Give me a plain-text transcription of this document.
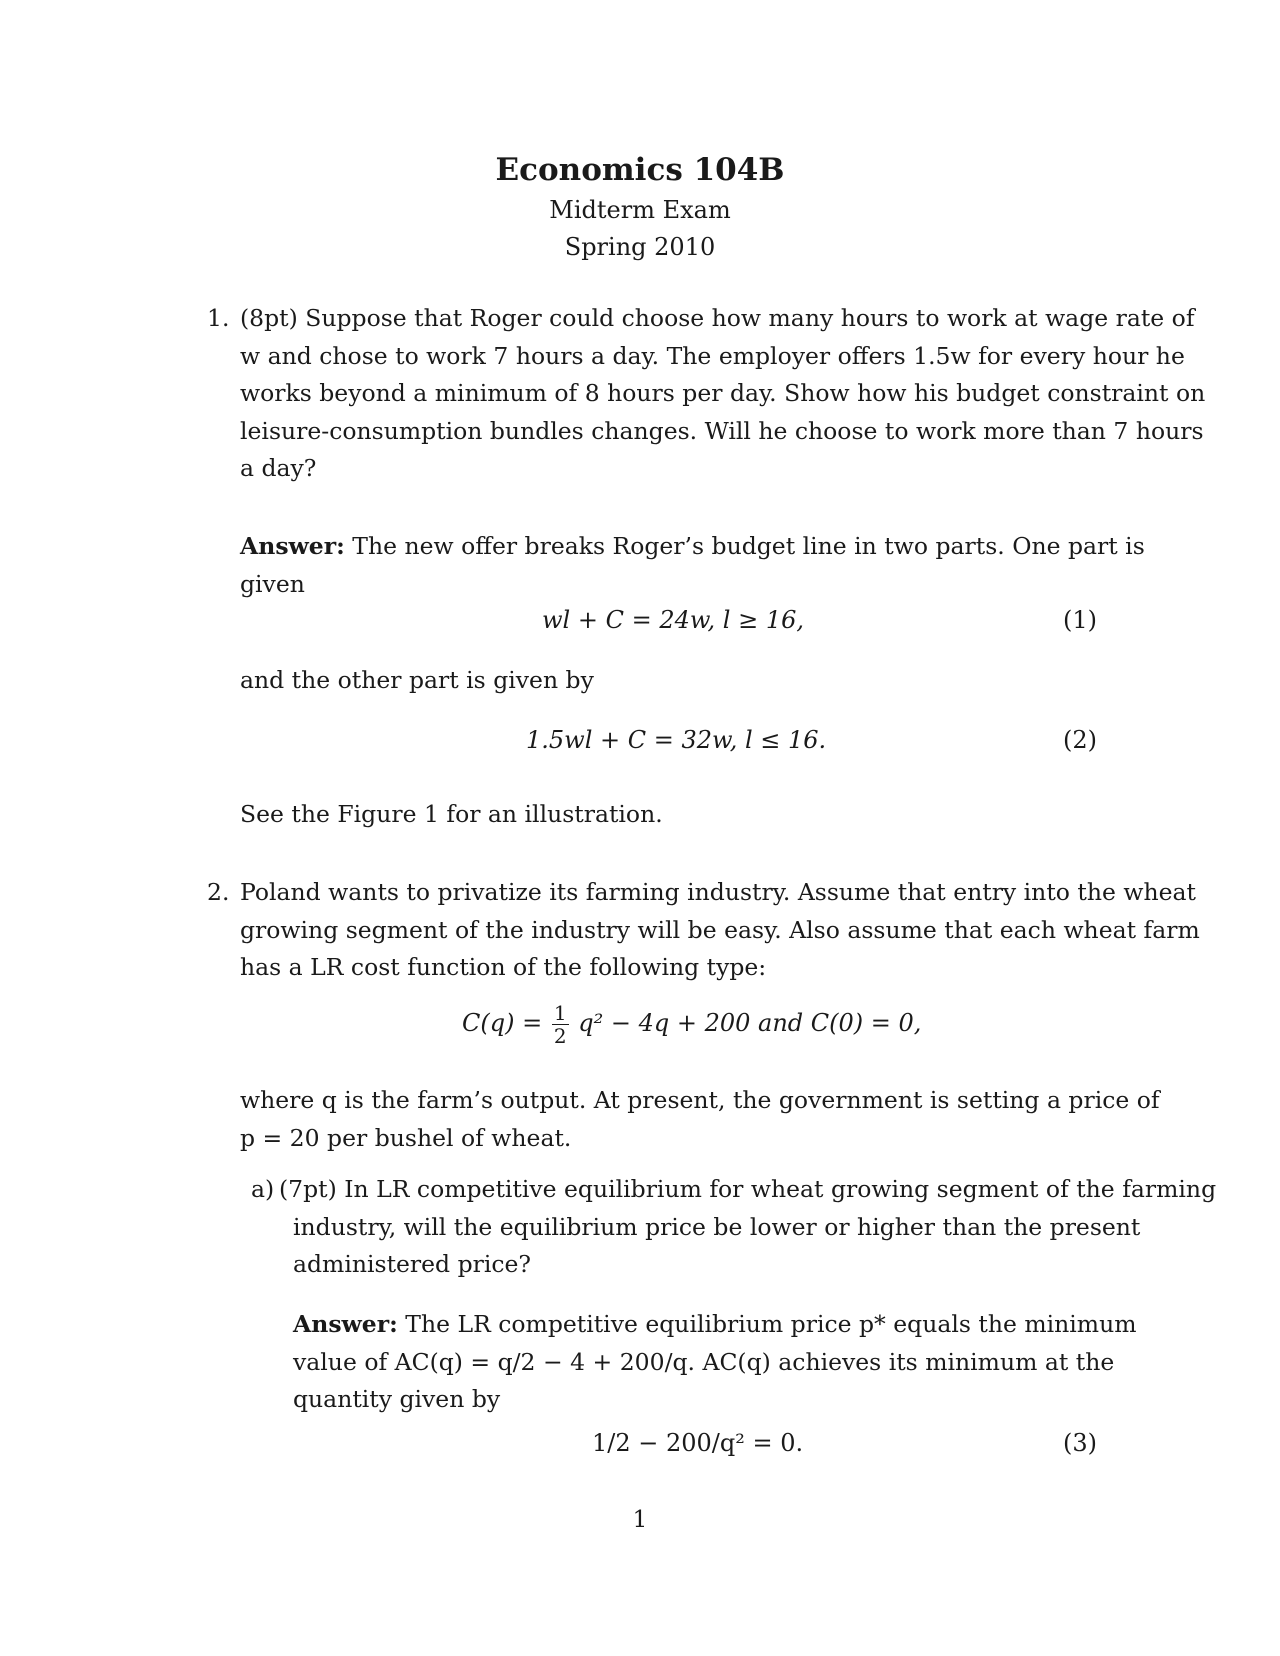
Economics 104B
Midterm Exam
Spring 2010
1. (8pt) Suppose that Roger could choose how many hours to work at wage rate of
w and chose to work 7 hours a day. The employer offers 1.5w for every hour he
works beyond a minimum of 8 hours per day. Show how his budget constraint on
leisure-consumption bundles changes. Will he choose to work more than 7 hours
a day?
Answer: The new offer breaks Roger’s budget line in two parts. One part is
given
wl + C = 24w, l ≥ 16,	(1)
and the other part is given by
1.5wl + C = 32w, l ≤ 16.	(2)
See the Figure 1 for an illustration.
2. Poland wants to privatize its farming industry. Assume that entry into the wheat
growing segment of the industry will be easy. Also assume that each wheat farm
has a LR cost function of the following type:
$C(q) = \frac{1}{2} q^2 - 4q + 200$ and C(0) = 0,
where q is the farm’s output. At present, the government is setting a price of
p = 20 per bushel of wheat.
a) (7pt) In LR competitive equilibrium for wheat growing segment of the farming
industry, will the equilibrium price be lower or higher than the present
administered price?
Answer: The LR competitive equilibrium price p* equals the minimum
value of AC(q) = q/2 − 4 + 200/q. AC(q) achieves its minimum at the
quantity given by
1/2 − 200/q² = 0.	(3)
1
